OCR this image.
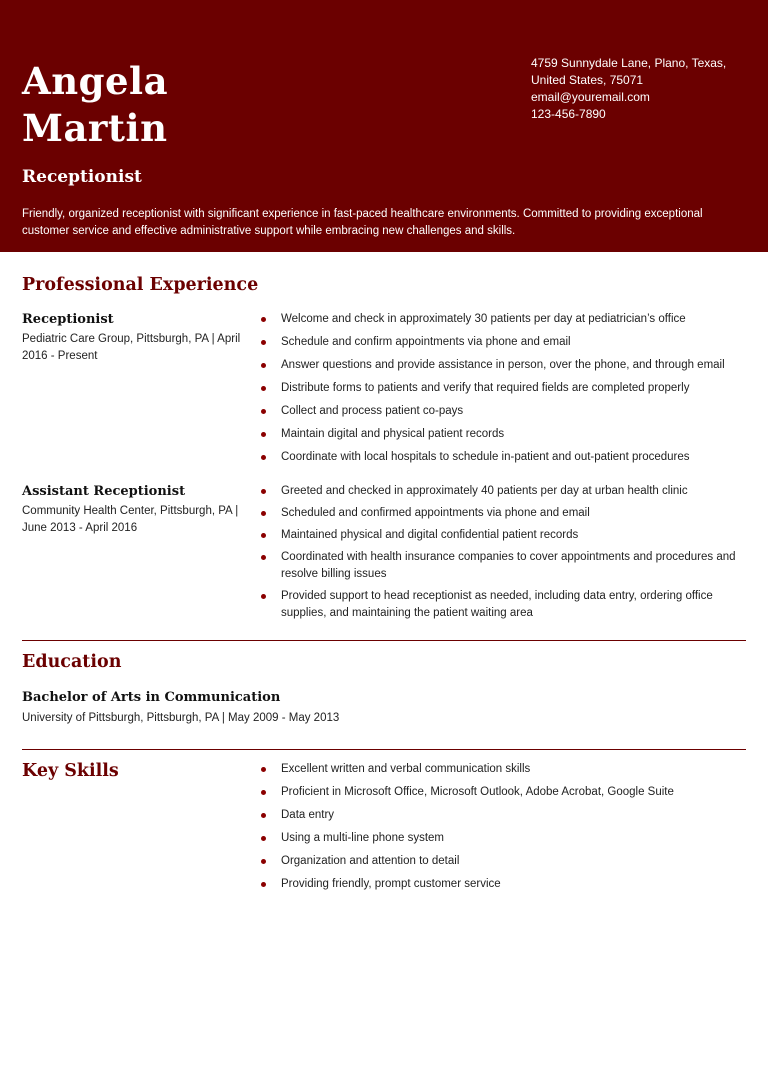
Angela
Martin
Receptionist
4759 Sunnydale Lane, Plano, Texas,
United States, 75071
email@youremail.com
123-456-7890
Friendly, organized receptionist with significant experience in fast-paced healthcare environments. Committed to providing exceptional customer service and effective administrative support while embracing new challenges and skills.
Professional Experience
Receptionist
Pediatric Care Group, Pittsburgh, PA | April 2016 - Present
Welcome and check in approximately 30 patients per day at pediatrician’s office
Schedule and confirm appointments via phone and email
Answer questions and provide assistance in person, over the phone, and through email
Distribute forms to patients and verify that required fields are completed properly
Collect and process patient co-pays
Maintain digital and physical patient records
Coordinate with local hospitals to schedule in-patient and out-patient procedures
Assistant Receptionist
Community Health Center, Pittsburgh, PA | June 2013 - April 2016
Greeted and checked in approximately 40 patients per day at urban health clinic
Scheduled and confirmed appointments via phone and email
Maintained physical and digital confidential patient records
Coordinated with health insurance companies to cover appointments and procedures and resolve billing issues
Provided support to head receptionist as needed, including data entry, ordering office supplies, and maintaining the patient waiting area
Education
Bachelor of Arts in Communication
University of Pittsburgh, Pittsburgh, PA | May 2009 - May 2013
Key Skills	Excellent written and verbal communication skills
Proficient in Microsoft Office, Microsoft Outlook, Adobe Acrobat, Google Suite
Data entry
Using a multi-line phone system
Organization and attention to detail
Providing friendly, prompt customer service
